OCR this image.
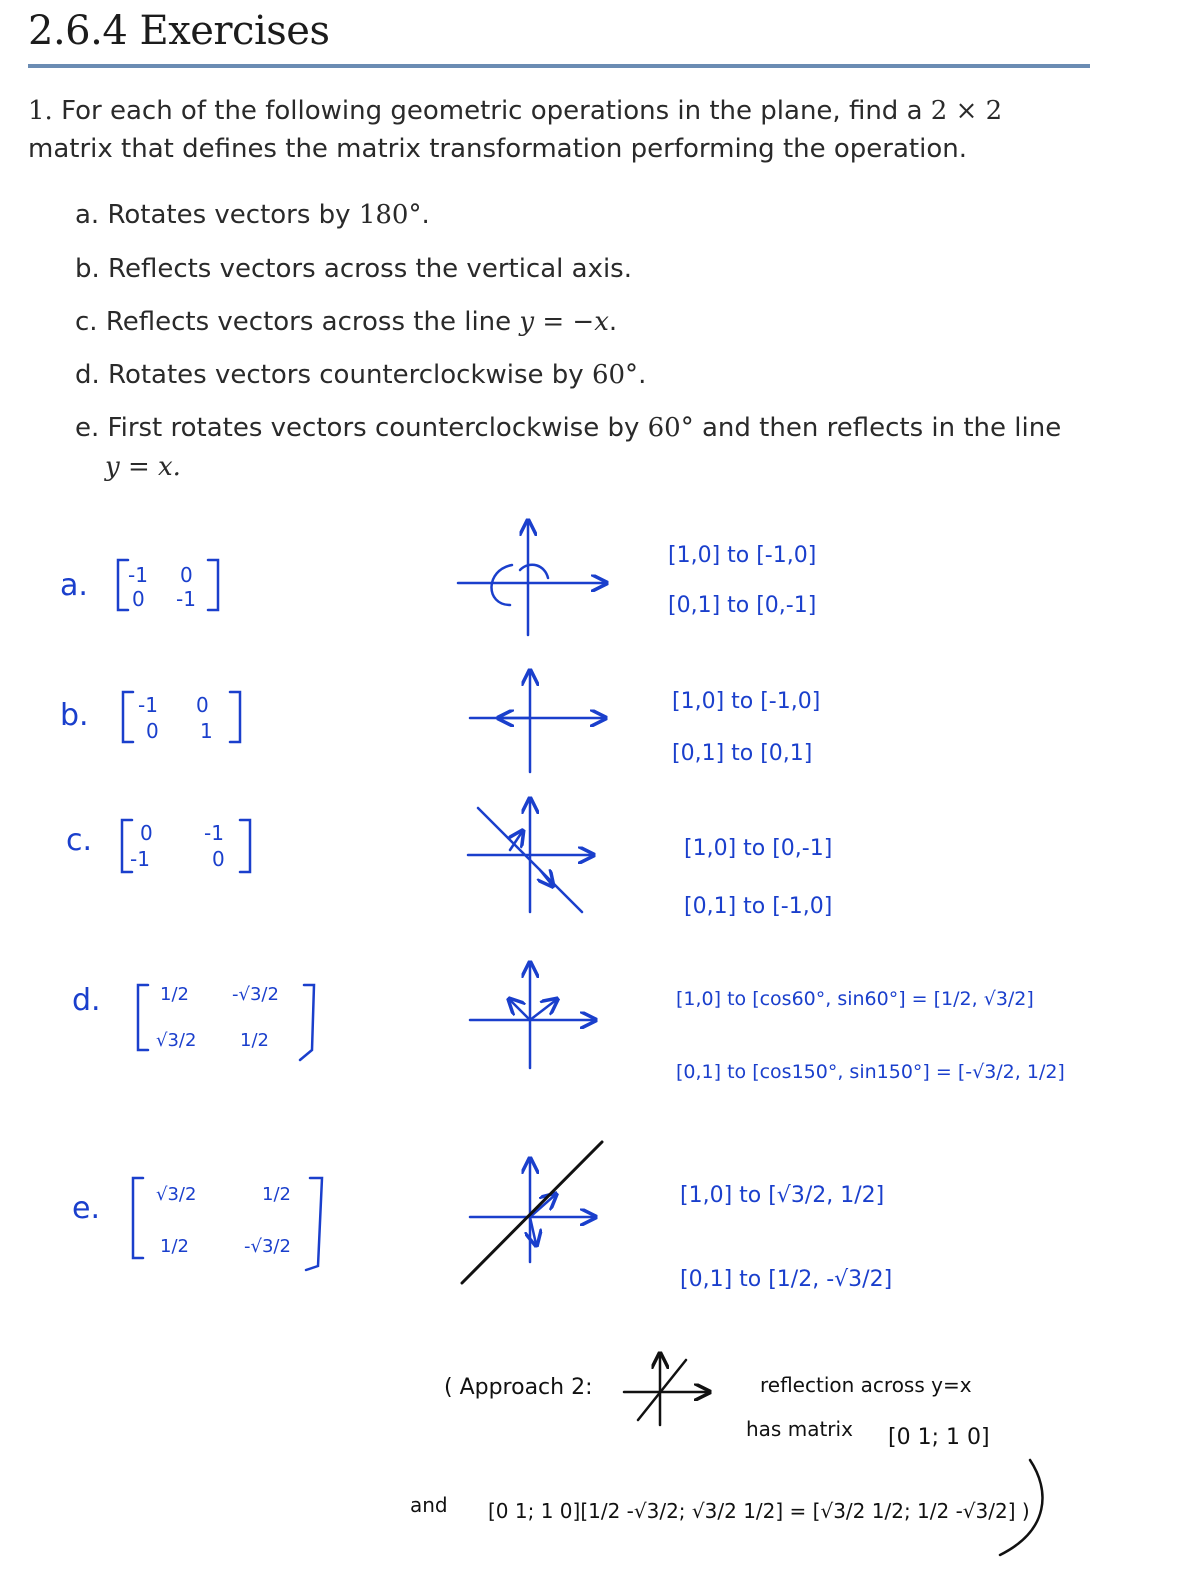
2.6.4 Exercises
1. For each of the following geometric operations in the plane, find a 2 × 2
matrix that defines the matrix transformation performing the operation.
a. Rotates vectors by 180°.
b. Reflects vectors across the vertical axis.
c. Reflects vectors across the line y = −x.
d. Rotates vectors counterclockwise by 60°.
e. First rotates vectors counterclockwise by 60° and then reflects in the line
y = x.
a. -1 0
0 -1
[1,0] to [-1,0]
[0,1] to [0,-1]
b. -1 0
0 1
[1,0] to [-1,0]
[0,1] to [0,1]
c. 0	-1
-1	0	[1,0] to [0,-1]
[0,1] to [-1,0]
d.	1/2 -√3/2
√3/2 1/2
[1,0] to [cos60°, sin60°] = [1/2, √3/2]
[0,1] to [cos150°, sin150°] = [-√3/2, 1/2]
e.	√3/2	1/2
1/2	-√3/2
[1,0] to [√3/2, 1/2]
[0,1] to [1/2, -√3/2]
( Approach 2:	reflection across y=x
has matrix [0 1; 1 0]
and [0 1; 1 0][1/2 -√3/2; √3/2 1/2] = [√3/2 1/2; 1/2 -√3/2] )
